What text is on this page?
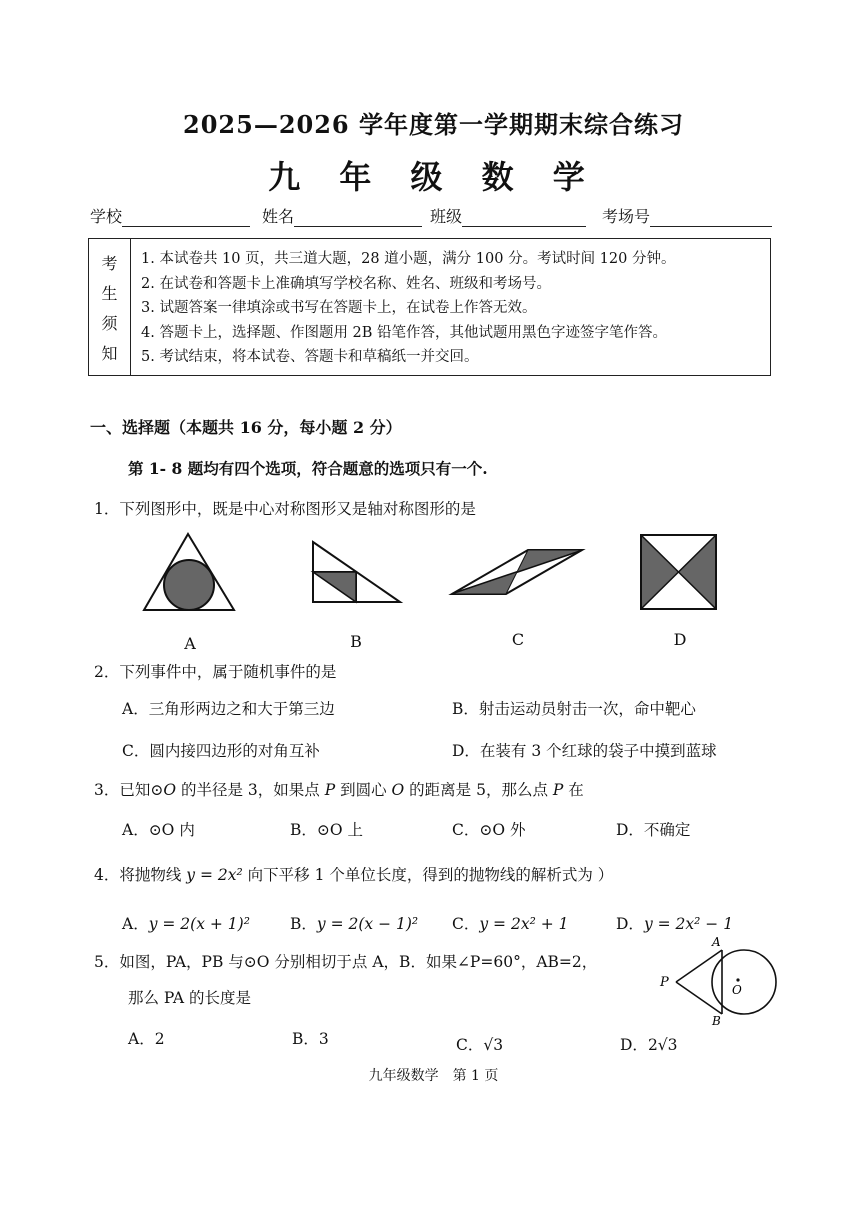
2025—2026 学年度第一学期期末综合练习
九 年 级 数 学
学校	姓名	班级	考场号
考
生
须
知
1. 本试卷共 10 页，共三道大题，28 道小题，满分 100 分。考试时间 120 分钟。
2. 在试卷和答题卡上准确填写学校名称、姓名、班级和考场号。
3. 试题答案一律填涂或书写在答题卡上，在试卷上作答无效。
4. 答题卡上，选择题、作图题用 2B 铅笔作答，其他试题用黑色字迹签字笔作答。
5. 考试结束，将本试卷、答题卡和草稿纸一并交回。
一、选择题（本题共 16 分，每小题 2 分）
第 1- 8 题均有四个选项，符合题意的选项只有一个.
1．下列图形中，既是中心对称图形又是轴对称图形的是
A	B	C	D
2．下列事件中，属于随机事件的是
A．三角形两边之和大于第三边	B．射击运动员射击一次，命中靶心
C．圆内接四边形的对角互补	D．在装有 3 个红球的袋子中摸到蓝球
3．已知⊙O 的半径是 3，如果点 P 到圆心 O 的距离是 5，那么点 P 在
A．⊙O 内	B．⊙O 上	C．⊙O 外	D．不确定
4．将抛物线 y = 2x² 向下平移 1 个单位长度，得到的抛物线的解析式为 ）
A．y = 2(x + 1)²	B．y = 2(x − 1)² C．y = 2x² + 1	D．y = 2x² − 1
5．如图，PA，PB 与⊙O 分别相切于点 A，B．如果∠P=60°，AB=2，
那么 PA 的长度是
A．2	B．3	C．√3	D．2√3
P
A
B
O
九年级数学　第 1 页
